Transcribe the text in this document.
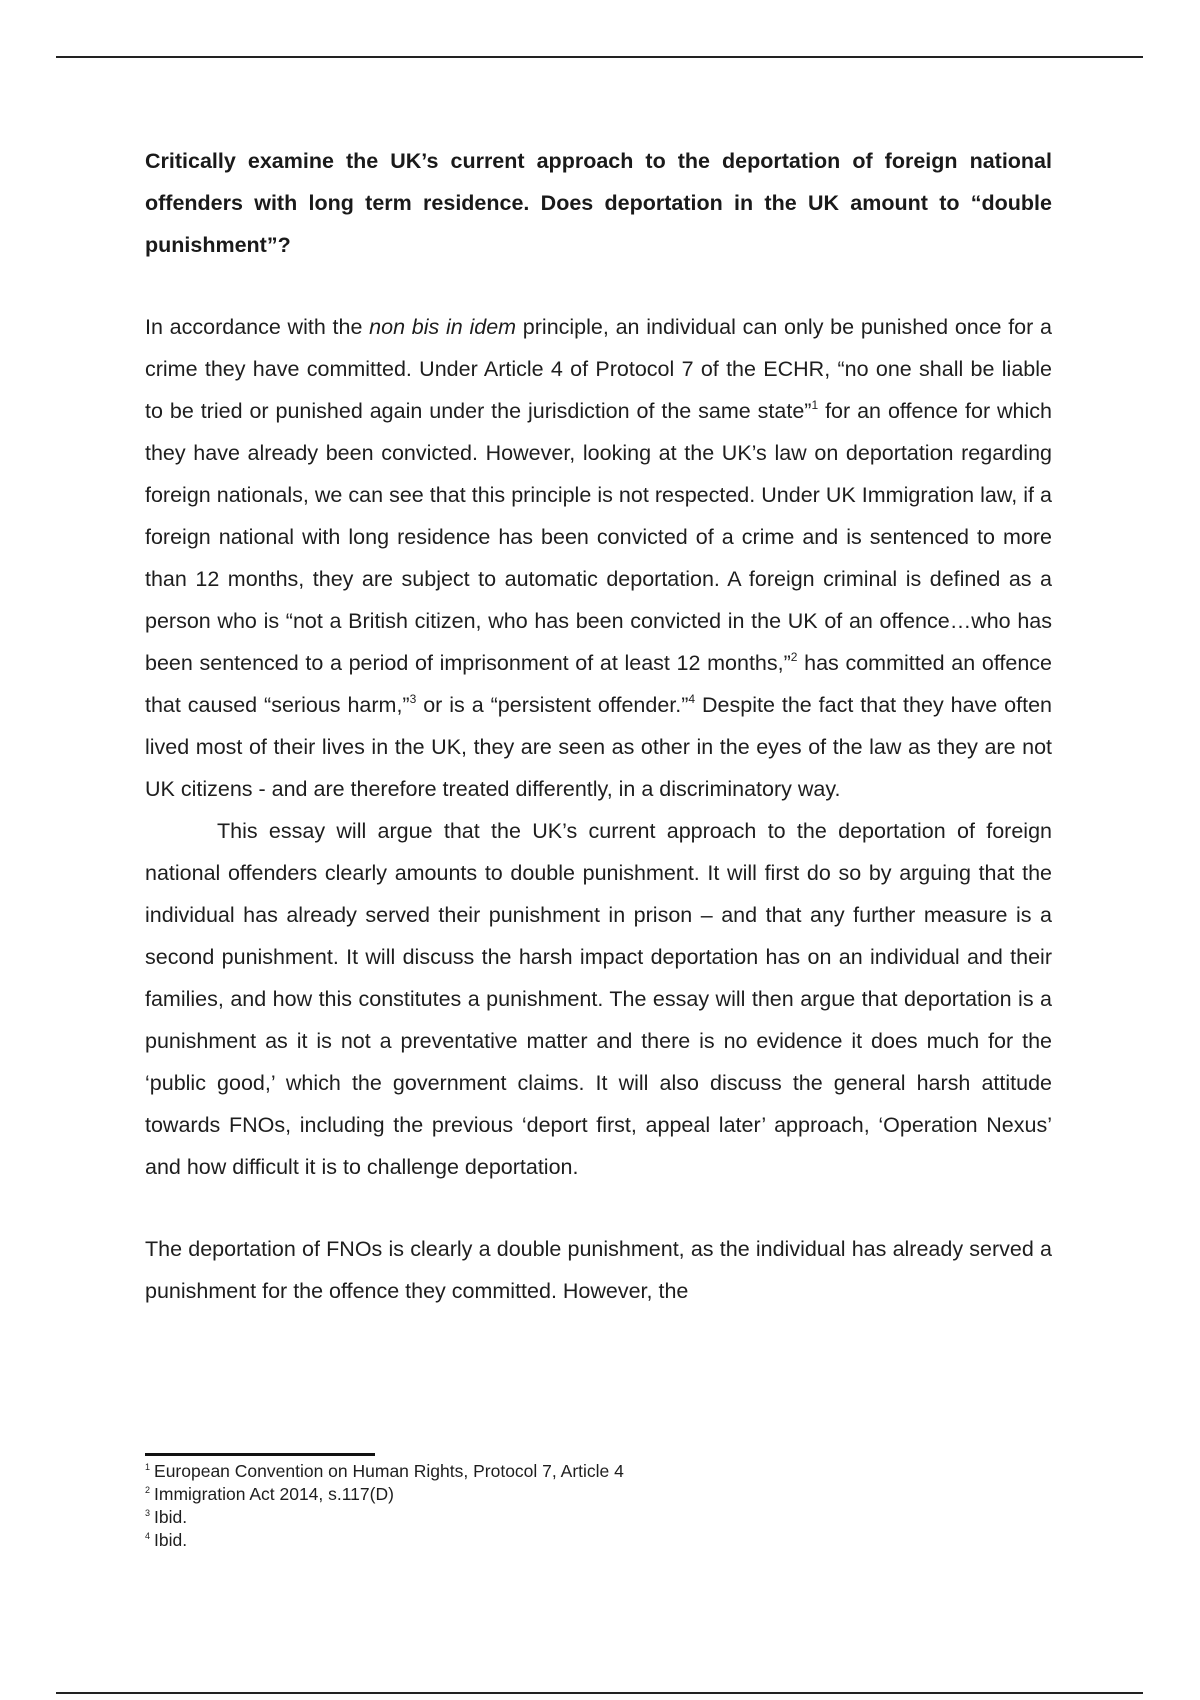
Critically examine the UK’s current approach to the deportation of foreign national offenders with long term residence. Does deportation in the UK amount to “double punishment”?

In accordance with the non bis in idem principle, an individual can only be punished once for a crime they have committed. Under Article 4 of Protocol 7 of the ECHR, “no one shall be liable to be tried or punished again under the jurisdiction of the same state”$^1$ for an offence for which they have already been convicted. However, looking at the UK’s law on deportation regarding foreign nationals, we can see that this principle is not respected. Under UK Immigration law, if a foreign national with long residence has been convicted of a crime and is sentenced to more than 12 months, they are subject to automatic deportation. A foreign criminal is defined as a person who is “not a British citizen, who has been convicted in the UK of an offence…who has been sentenced to a period of imprisonment of at least 12 months,”$^2$ has committed an offence that caused “serious harm,”$^3$ or is a “persistent offender.”$^4$ Despite the fact that they have often lived most of their lives in the UK, they are seen as other in the eyes of the law as they are not UK citizens - and are therefore treated differently, in a discriminatory way.

This essay will argue that the UK’s current approach to the deportation of foreign national offenders clearly amounts to double punishment. It will first do so by arguing that the individual has already served their punishment in prison – and that any further measure is a second punishment. It will discuss the harsh impact deportation has on an individual and their families, and how this constitutes a punishment. The essay will then argue that deportation is a punishment as it is not a preventative matter and there is no evidence it does much for the ‘public good,’ which the government claims. It will also discuss the general harsh attitude towards FNOs, including the previous ‘deport first, appeal later’ approach, ‘Operation Nexus’ and how difficult it is to challenge deportation.

The deportation of FNOs is clearly a double punishment, as the individual has already served a punishment for the offence they committed. However, the

$^1$ European Convention on Human Rights, Protocol 7, Article 4

$^2$ Immigration Act 2014, s.117(D)

$^3$ Ibid.

$^4$ Ibid.
